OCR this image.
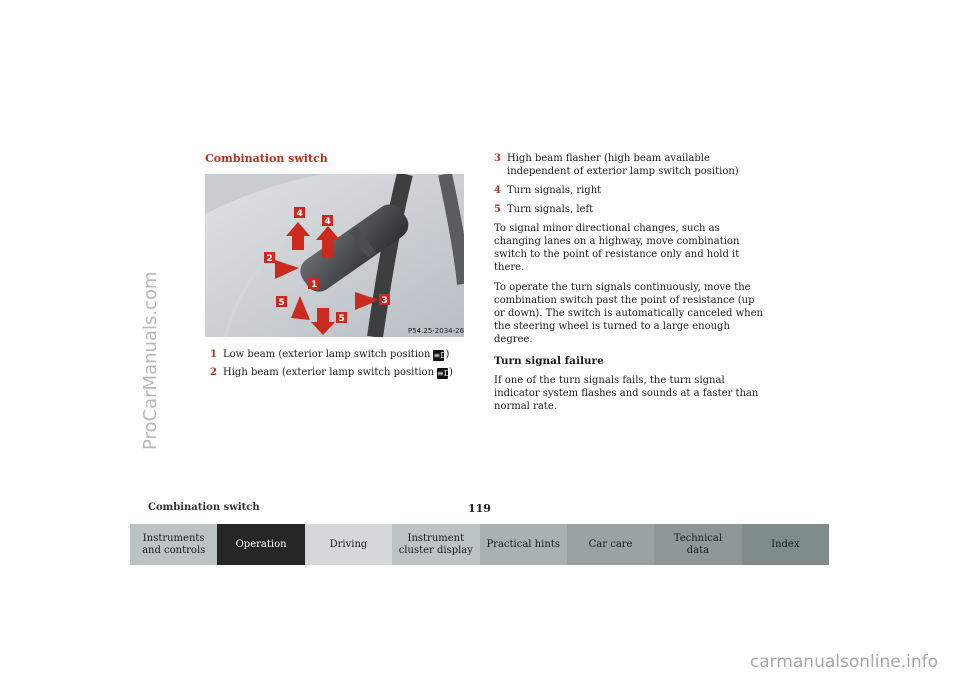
ProCarManuals.com
carmanualsonline.info
Combination switch
4
4
2
1
3
5
5
P54.25-2034-26
1 Low beam (exterior lamp switch position ≡D)
2 High beam (exterior lamp switch position ≡D)
3 High beam flasher (high beam available independent of exterior lamp switch position)
4 Turn signals, right
5 Turn signals, left

To signal minor directional changes, such as changing lanes on a highway, move combination switch to the point of resistance only and hold it there.

To operate the turn signals continuously, move the combination switch past the point of resistance (up or down). The switch is automatically canceled when the steering wheel is turned to a large enough degree.

Turn signal failure

If one of the turn signals fails, the turn signal indicator system flashes and sounds at a faster than normal rate.

Combination switch	119
Instruments
and controls
Operation	Driving
Instrument
cluster display
Practical hints	Car care
Technical
data
Index
